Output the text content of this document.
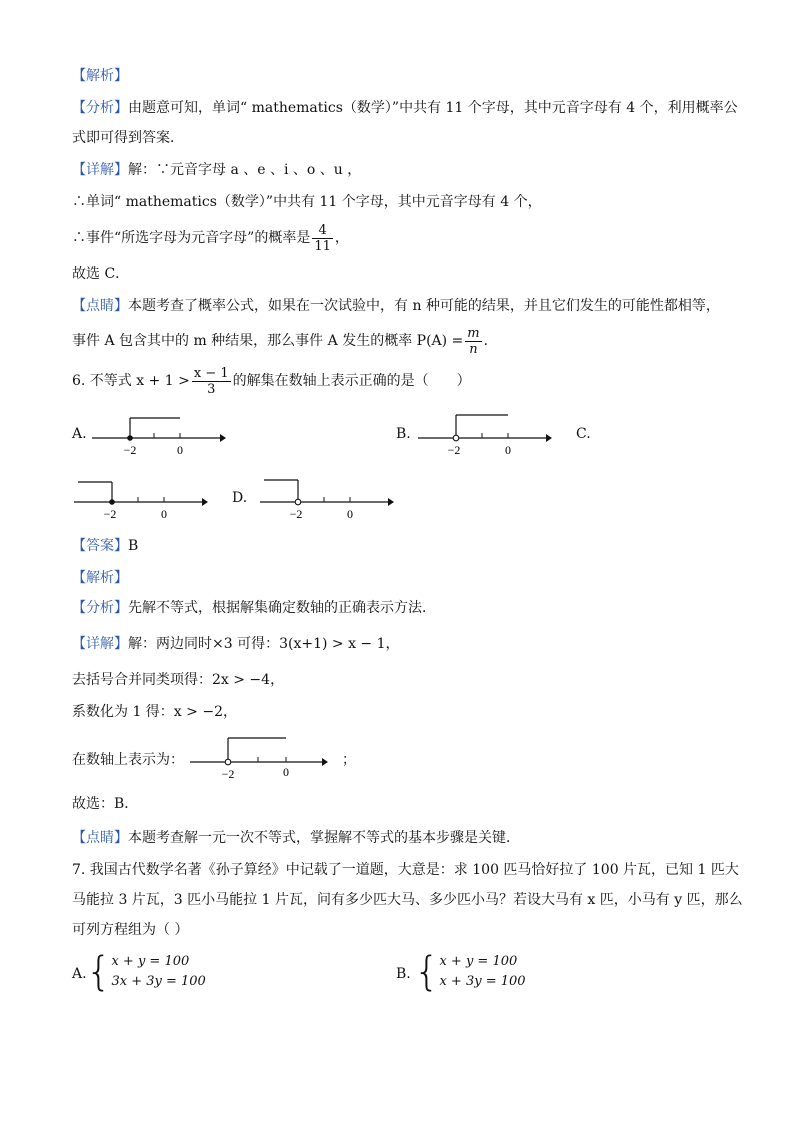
【解析】
【分析】由题意可知，单词“ mathematics（数学）”中共有 11 个字母，其中元音字母有 4 个，利用概率公
式即可得到答案．
【详解】解：∵元音字母 a 、e 、i 、o 、u ，
∴单词“ mathematics（数学）”中共有 11 个字母，其中元音字母有 4 个，
∴事件“所选字母为元音字母”的概率是 $\frac{4}{11}$ ，
故选 C．
【点睛】本题考查了概率公式，如果在一次试验中，有 n 种可能的结果，并且它们发生的可能性都相等，
事件 A 包含其中的 m 种结果，那么事件 A 发生的概率 $P(A) = \frac{m}{n}$ ．
6. 不等式 $x + 1 > \frac{x - 1}{3}$ 的解集在数轴上表示正确的是（　　）
A.
−2	0
B.
−2	0
C.
−2	0
D.
−2	0
【答案】B
【解析】
【分析】先解不等式，根据解集确定数轴的正确表示方法．
【详解】解：两边同时×3 可得：3(x+1) > x − 1，
去括号合并同类项得：2x > −4，
系数化为 1 得：x > −2，
在数轴上表示为：
−2	0
；
故选：B．
【点睛】本题考查解一元一次不等式，掌握解不等式的基本步骤是关键．
7. 我国古代数学名著《孙子算经》中记载了一道题，大意是：求 100 匹马恰好拉了 100 片瓦，已知 1 匹大
马能拉 3 片瓦，3 匹小马能拉 1 片瓦，问有多少匹大马、多少匹小马？若设大马有 x 匹，小马有 y 匹，那么
可列方程组为（ ）
A. { x + y = 100
3x + 3y = 100	B. { x + y = 100
x + 3y = 100
